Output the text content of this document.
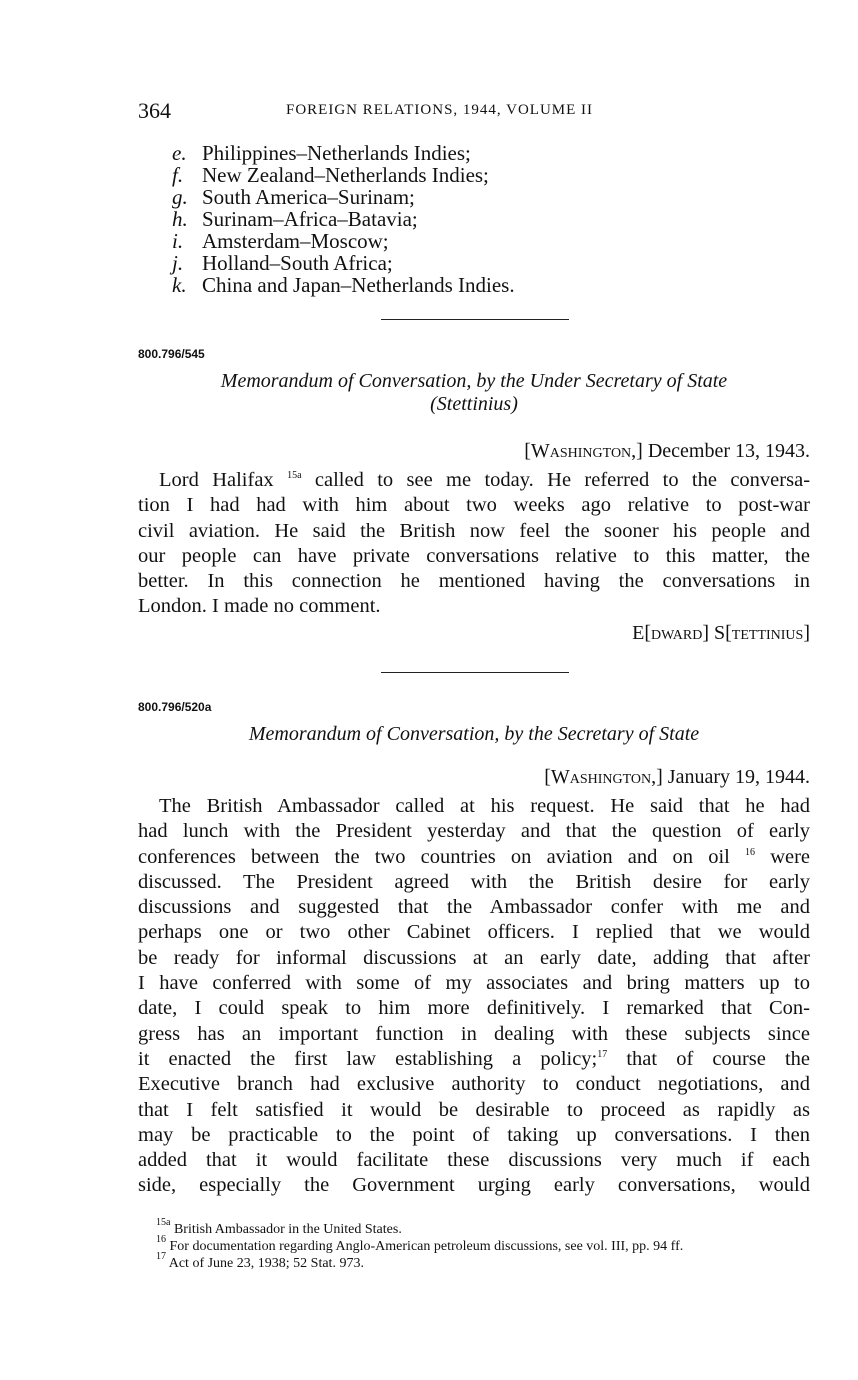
364	FOREIGN RELATIONS, 1944, VOLUME II
e. Philippines–Netherlands Indies;
f. New Zealand–Netherlands Indies;
g. South America–Surinam;
h. Surinam–Africa–Batavia;
i. Amsterdam–Moscow;
j. Holland–South Africa;
k. China and Japan–Netherlands Indies.
800.796/545
Memorandum of Conversation, by the Under Secretary of State
(Stettinius)
[Washington,] December 13, 1943.

Lord Halifax $^{15a}$ called to see me today. He referred to the conversa-

tion I had had with him about two weeks ago relative to post-war
civil aviation. He said the British now feel the sooner his people and
our people can have private conversations relative to this matter, the
better. In this connection he mentioned having the conversations in
London. I made no comment.
E[dward] S[tettinius]
800.796/520a
Memorandum of Conversation, by the Secretary of State
[Washington,] January 19, 1944.
The British Ambassador called at his request. He said that he had
had lunch with the President yesterday and that the question of early
conferences between the two countries on aviation and on oil $^{16}$ were
discussed. The President agreed with the British desire for early
discussions and suggested that the Ambassador confer with me and
perhaps one or two other Cabinet officers. I replied that we would
be ready for informal discussions at an early date, adding that after
I have conferred with some of my associates and bring matters up to
date, I could speak to him more definitively. I remarked that Con-
gress has an important function in dealing with these subjects since
it enacted the first law establishing a policy;$^{17}$ that of course the
Executive branch had exclusive authority to conduct negotiations, and
that I felt satisfied it would be desirable to proceed as rapidly as
may be practicable to the point of taking up conversations. I then
added that it would facilitate these discussions very much if each
side, especially the Government urging early conversations, would
$^{15a}$ British Ambassador in the United States.
$^{16}$ For documentation regarding Anglo-American petroleum discussions, see vol. III, pp. 94 ff.
$^{17}$ Act of June 23, 1938; 52 Stat. 973.
